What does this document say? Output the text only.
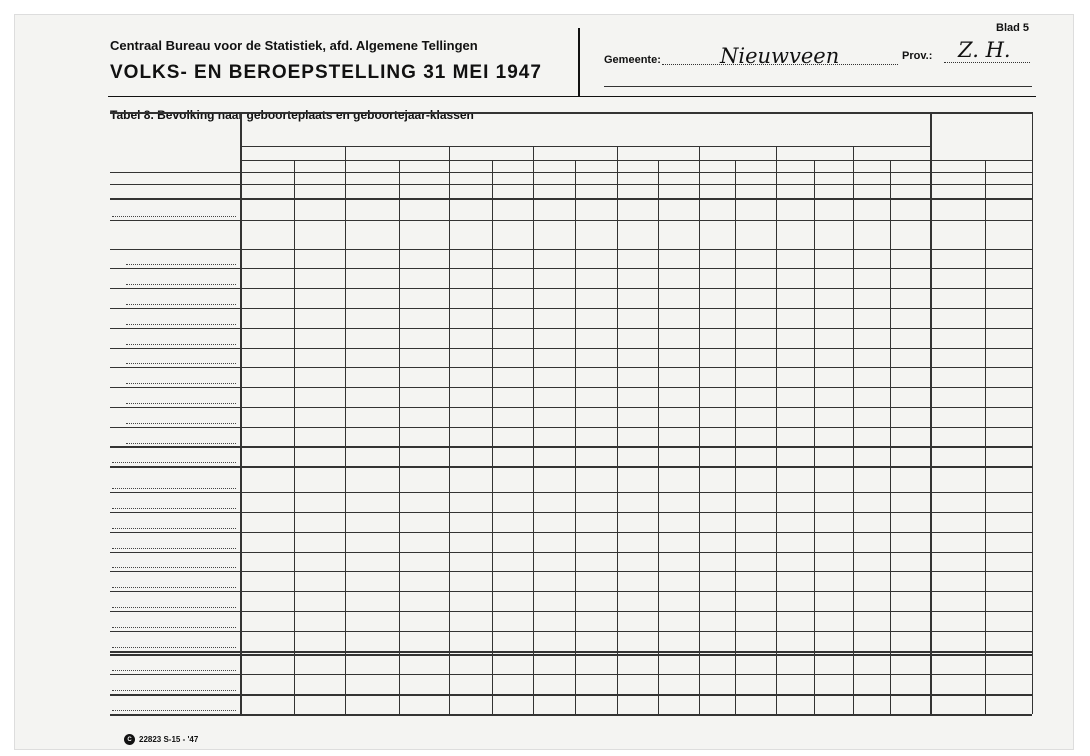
Centraal Bureau voor de Statistiek, afd. Algemene Tellingen
VOLKS- EN BEROEPSTELLING 31 MEI 1947
Blad 5
Gemeente:	Nieuwveen	Prov.: Z. H.
Tabel 8. Bevolking naar geboorteplaats en geboortejaar-klassen
C 22823 S-15 - '47
